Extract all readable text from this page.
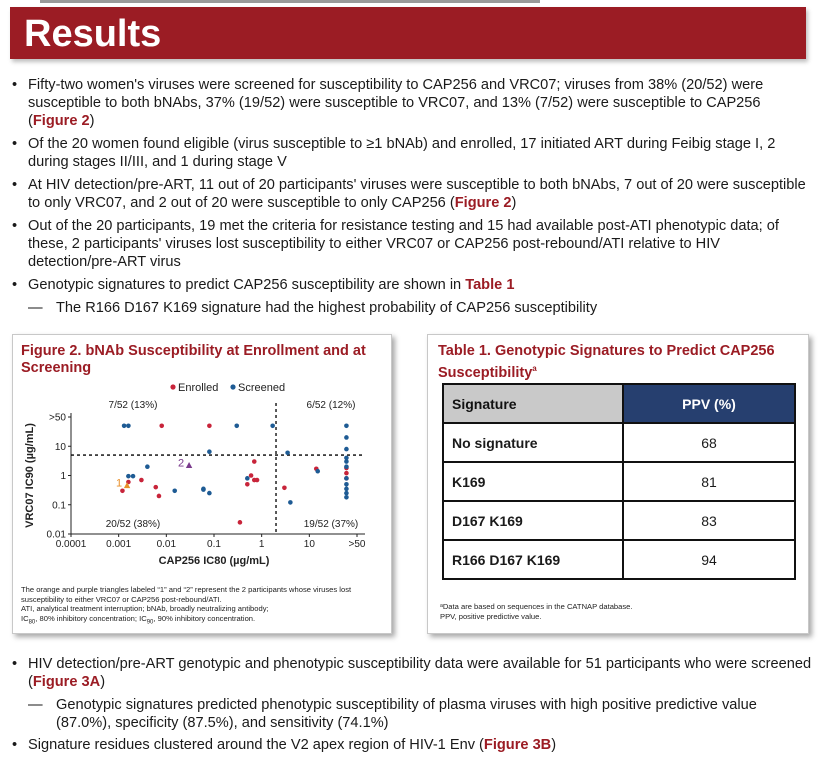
Results
• Fifty-two women's viruses were screened for susceptibility to CAP256 and VRC07; viruses from 38% (20/52) were susceptible to both bNAbs, 37% (19/52) were susceptible to VRC07, and 13% (7/52) were susceptible to CAP256 (Figure 2)
• Of the 20 women found eligible (virus susceptible to ≥1 bNAb) and enrolled, 17 initiated ART during Feibig stage I, 2 during stages II/III, and 1 during stage V
• At HIV detection/pre-ART, 11 out of 20 participants' viruses were susceptible to both bNAbs, 7 out of 20 were susceptible to only VRC07, and 2 out of 20 were susceptible to only CAP256 (Figure 2)
• Out of the 20 participants, 19 met the criteria for resistance testing and 15 had available post-ATI phenotypic data; of these, 2 participants' viruses lost susceptibility to either VRC07 or CAP256 post-rebound/ATI relative to HIV detection/pre-ART virus
• Genotypic signatures to predict CAP256 susceptibility are shown in Table 1
— The R166 D167 K169 signature had the highest probability of CAP256 susceptibility
Figure 2. bNAb Susceptibility at Enrollment and at Screening
Enrolled Screened
0.0001 0.001	0.01	0.1	1	10	>50
0.01
0.1
1
10
>50
CAP256 IC80 (µg/mL)
VRC07 IC90 (µg/mL)
7/52 (13%)	6/52 (12%)
20/52 (38%)	19/52 (37%)
1
2
The orange and purple triangles labeled “1” and “2” represent the 2 participants whose viruses lost susceptibility to either VRC07 or CAP256 post-rebound/ATI.
ATI, analytical treatment interruption; bNAb, broadly neutralizing antibody;
$IC_{80}$, 80% inhibitory concentration; $IC_{90}$, 90% inhibitory concentration.
Table 1. Genotypic Signatures to Predict CAP256 Susceptibility$^a$
Signature	PPV (%)
No signature	68
K169	81
D167 K169	83
R166 D167 K169	94
ᵃData are based on sequences in the CATNAP database.
PPV, positive predictive value.
• HIV detection/pre-ART genotypic and phenotypic susceptibility data were available for 51 participants who were screened (Figure 3A)
— Genotypic signatures predicted phenotypic susceptibility of plasma viruses with high positive predictive value (87.0%), specificity (87.5%), and sensitivity (74.1%)
• Signature residues clustered around the V2 apex region of HIV-1 Env (Figure 3B)
